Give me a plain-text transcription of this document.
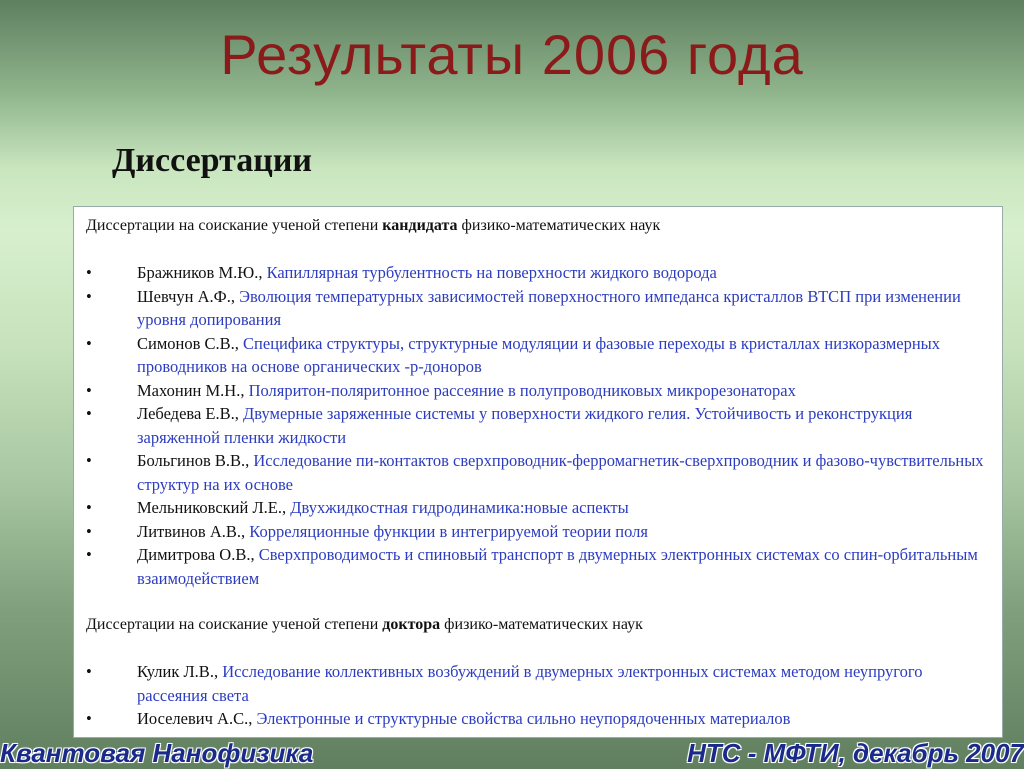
Результаты 2006 года
Диссертации

Диссертации на соискание ученой степени кандидата физико-математических наук

•	Бражников М.Ю., Капиллярная турбулентность на поверхности жидкого водорода
•	Шевчун А.Ф., Эволюция температурных зависимостей поверхностного импеданса кристаллов ВТСП при изменении уровня допирования
•	Симонов С.В., Специфика структуры, структурные модуляции и фазовые переходы в кристаллах низкоразмерных проводников на основе органических -р-доноров
•	Махонин М.Н., Поляритон-поляритонное рассеяние в полупроводниковых микрорезонаторах
•	Лебедева Е.В., Двумерные заряженные системы у поверхности жидкого гелия. Устойчивость и реконструкция заряженной пленки жидкости
•	Больгинов В.В., Исследование пи-контактов сверхпроводник-ферромагнетик-сверхпроводник и фазово-чувствительных структур на их основе
•	Мельниковский Л.Е., Двухжидкостная гидродинамика:новые аспекты
•	Литвинов А.В., Корреляционные функции в интегрируемой теории поля
•	Димитрова О.В., Сверхпроводимость и спиновый транспорт в двумерных электронных системах со спин-орбитальным взаимодействием

Диссертации на соискание ученой степени доктора физико-математических наук

•	Кулик Л.В., Исследование коллективных возбуждений в двумерных электронных системах методом неупругого рассеяния света
•	Иоселевич А.С., Электронные и структурные свойства сильно неупорядоченных материалов
Квантовая Нанофизика	НТС - МФТИ, декабрь 2007
